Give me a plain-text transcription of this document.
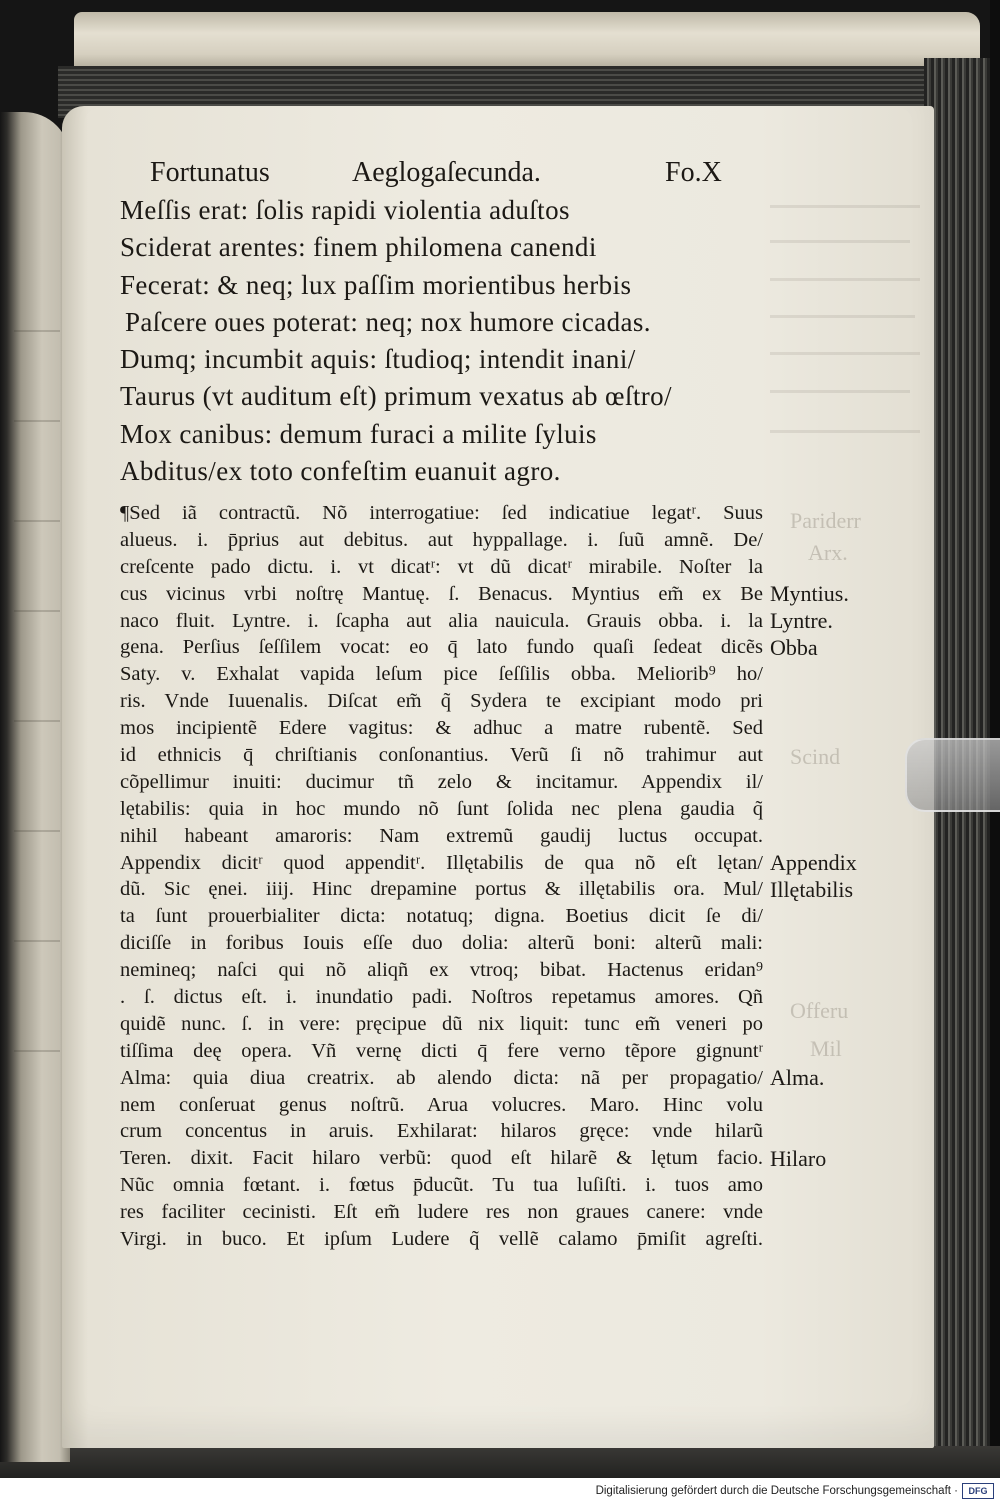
Pariderr
Arx.
Scind
Offeru
Mil
Fortunatus	Aeglogaſecunda.	Fo.X
Meſſis erat: ſolis rapidi violentia aduſtos
Sciderat arentes: finem philomena canendi
Fecerat: & neq; lux paſſim morientibus herbis
Paſcere oues poterat: neq; nox humore cicadas.
Dumq; incumbit aquis: ſtudioq; intendit inani/
Taurus (vt auditum eſt) primum vexatus ab œſtro/
Mox canibus: demum furaci a milite ſyluis
Abditus/ex toto confeſtim euanuit agro.
¶Sed iã contractũ. Nõ interrogatiue: ſed indicatiue legatʳ. Suus
alueus. i. p̄prius aut debitus. aut hyppallage. i. ſuũ amnẽ. De/
creſcente pado dictu. i. vt dicatʳ: vt dũ dicatʳ mirabile. Noſter la
cus vicinus vrbi noſtrę Mantuę. ſ. Benacus. Myntius em̃ ex Be
naco fluit. Lyntre. i. ſcapha aut alia nauicula. Grauis obba. i. la
gena. Perſius ſeſſilem vocat: eo q̄ lato fundo quaſi ſedeat dicẽs
Saty. v. Exhalat vapida leſum pice ſeſſilis obba. Meliorib⁹ ho/
ris. Vnde Iuuenalis. Diſcat em̃ q̃ Sydera te excipiant modo pri
mos incipientẽ Edere vagitus: & adhuc a matre rubentẽ. Sed
id ethnicis q̄ chriſtianis conſonantius. Verũ ſi nõ trahimur aut
cõpellimur inuiti: ducimur tñ zelo & incitamur. Appendix il/
lętabilis: quia in hoc mundo nõ ſunt ſolida nec plena gaudia q̃
nihil habeant amaroris: Nam extremũ gaudij luctus occupat.
Appendix dicitʳ quod appenditʳ. Illętabilis de qua nõ eſt lętan/
dũ. Sic ęnei. iiij. Hinc drepamine portus & illętabilis ora. Mul/
ta ſunt prouerbialiter dicta: notatuq; digna. Boetius dicit ſe di/
diciſſe in foribus Iouis eſſe duo dolia: alterũ boni: alterũ mali:
nemineq; naſci qui nõ aliqñ ex vtroq; bibat. Hactenus eridan⁹
. ſ. dictus eſt. i. inundatio padi. Noſtros repetamus amores. Qñ
quidẽ nunc. ſ. in vere: pręcipue dũ nix liquit: tunc em̃ veneri po
tiſſima deę opera. Vñ vernę dicti q̄ fere verno tẽpore gignuntʳ
Alma: quia diua creatrix. ab alendo dicta: nã per propagatio/
nem conſeruat genus noſtrũ. Arua volucres. Maro. Hinc volu
crum concentus in aruis. Exhilarat: hilaros gręce: vnde hilarũ
Teren. dixit. Facit hilaro verbũ: quod eſt hilarẽ & lętum facio.
Nũc omnia fœtant. i. fœtus p̄ducũt. Tu tua luſiſti. i. tuos amo
res faciliter cecinisti. Eſt em̃ ludere res non graues canere: vnde
Virgi. in buco. Et ipſum Ludere q̃ vellẽ calamo p̄miſit agreſti.
Myntius.
Lyntre.
Obba
Appendix
Illętabilis
Alma.
Hilaro
Digitalisierung gefördert durch die Deutsche Forschungsgemeinschaft ·	DFG
